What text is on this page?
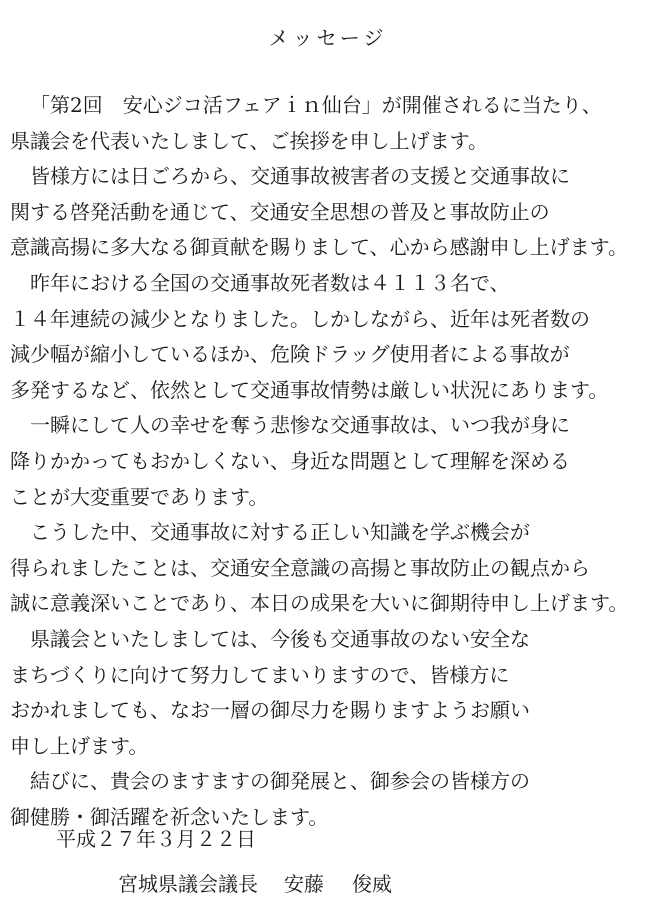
メッセージ
「第2回　安心ジコ活フェアｉｎ仙台」が開催されるに当たり、
県議会を代表いたしまして、ご挨拶を申し上げます。
皆様方には日ごろから、交通事故被害者の支援と交通事故に
関する啓発活動を通じて、交通安全思想の普及と事故防止の
意識高揚に多大なる御貢献を賜りまして、心から感謝申し上げます。
昨年における全国の交通事故死者数は４１１３名で、
１４年連続の減少となりました。しかしながら、近年は死者数の
減少幅が縮小しているほか、危険ドラッグ使用者による事故が
多発するなど、依然として交通事故情勢は厳しい状況にあります。
一瞬にして人の幸せを奪う悲惨な交通事故は、いつ我が身に
降りかかってもおかしくない、身近な問題として理解を深める
ことが大変重要であります。
こうした中、交通事故に対する正しい知識を学ぶ機会が
得られましたことは、交通安全意識の高揚と事故防止の観点から
誠に意義深いことであり、本日の成果を大いに御期待申し上げます。
県議会といたしましては、今後も交通事故のない安全な
まちづくりに向けて努力してまいりますので、皆様方に
おかれましても、なお一層の御尽力を賜りますようお願い
申し上げます。
結びに、貴会のますますの御発展と、御参会の皆様方の
御健勝・御活躍を祈念いたします。
平成２７年３月２２日
宮城県議会議長 安藤 俊威
